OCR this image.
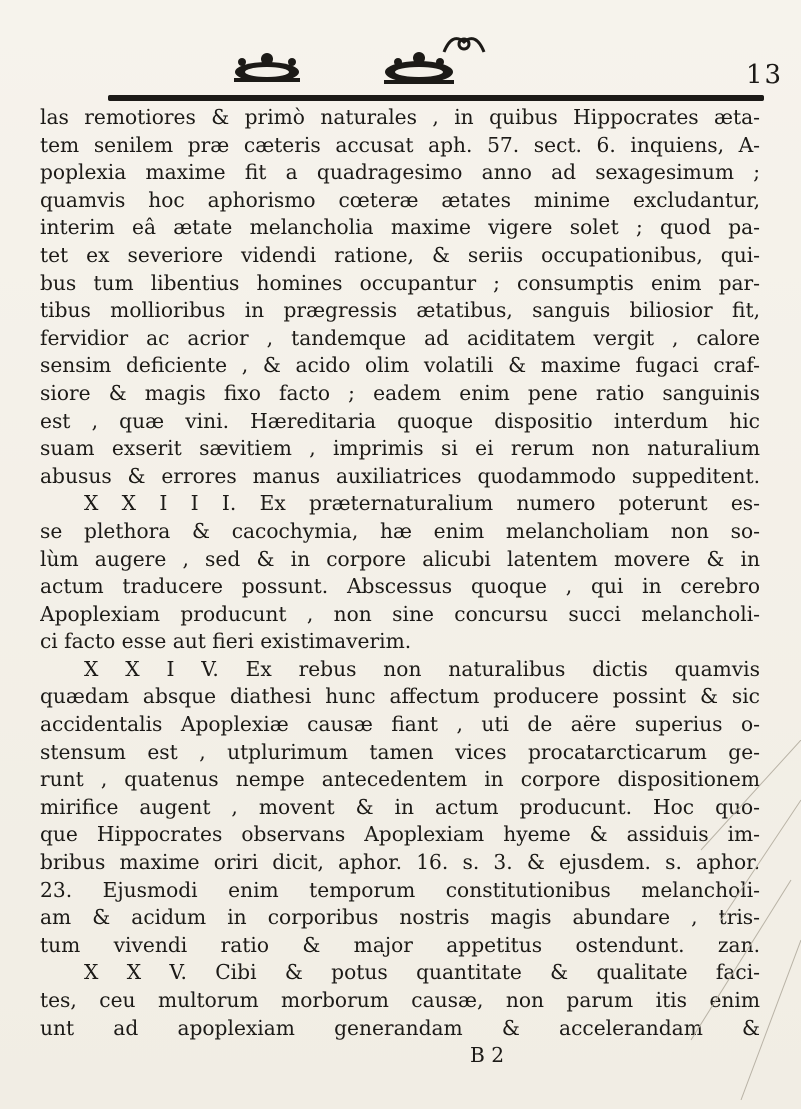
13
las remotiores & primò naturales , in quibus Hippocrates æta-
tem senilem præ cæteris accusat aph. 57. sect. 6. inquiens, A-
poplexia maxime fit a quadragesimo anno ad sexagesimum ;
quamvis hoc aphorismo cœteræ ætates minime excludantur,
interim eâ ætate melancholia maxime vigere solet ; quod pa-
tet ex severiore videndi ratione, & seriis occupationibus, qui-
bus tum libentius homines occupantur ; consumptis enim par-
tibus mollioribus in prægressis ætatibus, sanguis biliosior fit,
fervidior ac acrior , tandemque ad aciditatem vergit , calore
sensim deficiente , & acido olim volatili & maxime fugaci craf-
siore & magis fixo facto ; eadem enim pene ratio sanguinis
est , quæ vini. Hæreditaria quoque dispositio interdum hic
suam exserit sævitiem , imprimis si ei rerum non naturalium
abusus & errores manus auxiliatrices quodammodo suppeditent.
X X I I I. Ex præternaturalium numero poterunt es-
se plethora & cacochymia, hæ enim melancholiam non so-
lùm augere , sed & in corpore alicubi latentem movere & in
actum traducere possunt. Abscessus quoque , qui in cerebro
Apoplexiam producunt , non sine concursu succi melancholi-
ci facto esse aut fieri existimaverim.
X X I V. Ex rebus non naturalibus dictis quamvis
quædam absque diathesi hunc affectum producere possint & sic
accidentalis Apoplexiæ causæ fiant , uti de aëre superius o-
stensum est , utplurimum tamen vices procatarcticarum ge-
runt , quatenus nempe antecedentem in corpore dispositionem
mirifice augent , movent & in actum producunt. Hoc quo-
que Hippocrates observans Apoplexiam hyeme & assiduis im-
bribus maxime oriri dicit, aphor. 16. s. 3. & ejusdem. s. aphor.
23. Ejusmodi enim temporum constitutionibus melancholi-
am & acidum in corporibus nostris magis abundare , tris-
tum vivendi ratio & major appetitus ostendunt. zan.
X X V. Cibi & potus quantitate & qualitate faci-
tes, ceu multorum morborum causæ, non parum itis enim
unt ad apoplexiam generandam & accelerandam &
B 2
